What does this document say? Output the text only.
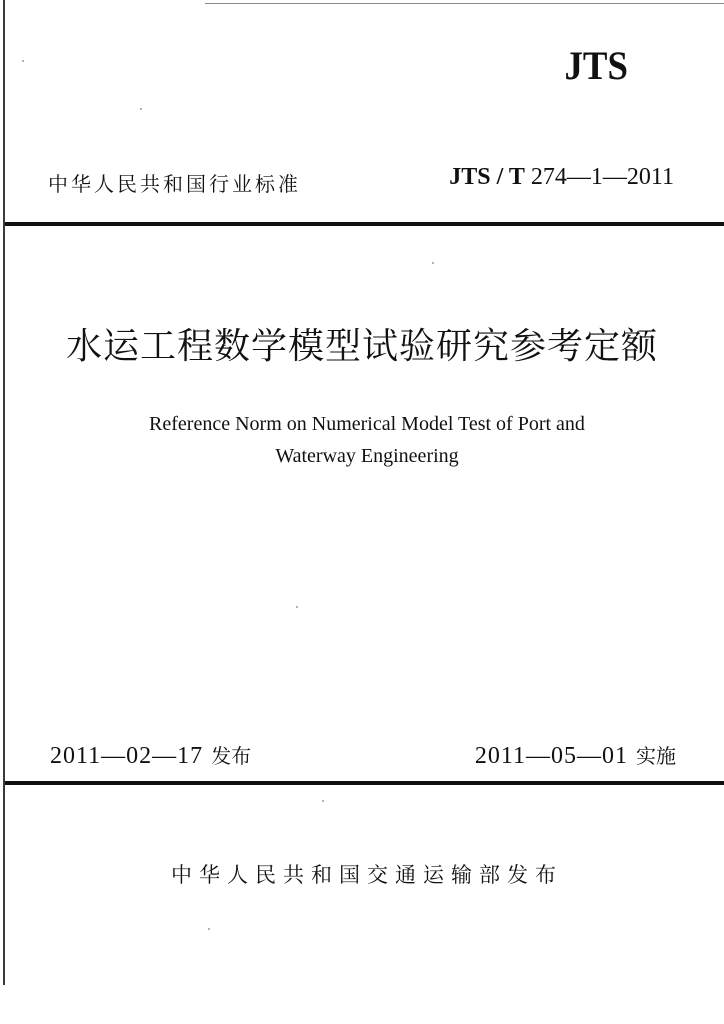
JTS
中华人民共和国行业标准	JTS / T 274—1—2011
水运工程数学模型试验研究参考定额
Reference Norm on Numerical Model Test of Port and
Waterway Engineering
2011—02—17 发布	2011—05—01 实施
中华人民共和国交通运输部发布
